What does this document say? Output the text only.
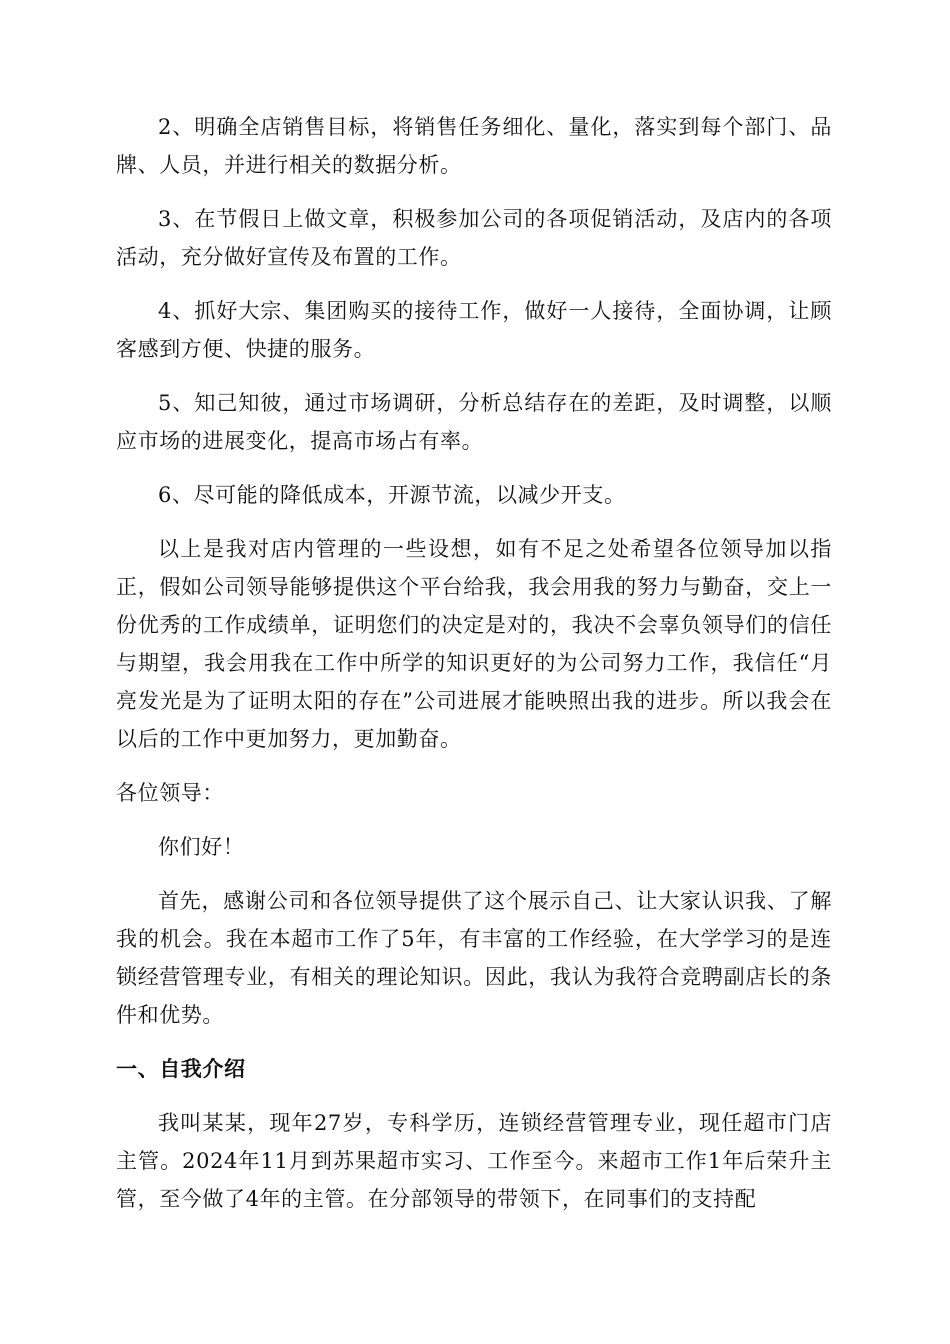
2、明确全店销售目标，将销售任务细化、量化，落实到每个部门、品牌、人员，并进行相关的数据分析。

3、在节假日上做文章，积极参加公司的各项促销活动，及店内的各项活动，充分做好宣传及布置的工作。

4、抓好大宗、集团购买的接待工作，做好一人接待，全面协调，让顾客感到方便、快捷的服务。

5、知己知彼，通过市场调研，分析总结存在的差距，及时调整，以顺应市场的进展变化，提高市场占有率。

6、尽可能的降低成本，开源节流，以减少开支。

以上是我对店内管理的一些设想，如有不足之处希望各位领导加以指正，假如公司领导能够提供这个平台给我，我会用我的努力与勤奋，交上一份优秀的工作成绩单，证明您们的决定是对的，我决不会辜负领导们的信任与期望，我会用我在工作中所学的知识更好的为公司努力工作，我信任“月亮发光是为了证明太阳的存在”公司进展才能映照出我的进步。所以我会在以后的工作中更加努力，更加勤奋。

各位领导：

你们好！

首先，感谢公司和各位领导提供了这个展示自己、让大家认识我、了解我的机会。我在本超市工作了5年，有丰富的工作经验，在大学学习的是连锁经营管理专业，有相关的理论知识。因此，我认为我符合竞聘副店长的条件和优势。

一、自我介绍

我叫某某，现年27岁，专科学历，连锁经营管理专业，现任超市门店主管。2024年11月到苏果超市实习、工作至今。来超市工作1年后荣升主管，至今做了4年的主管。在分部领导的带领下，在同事们的支持配
